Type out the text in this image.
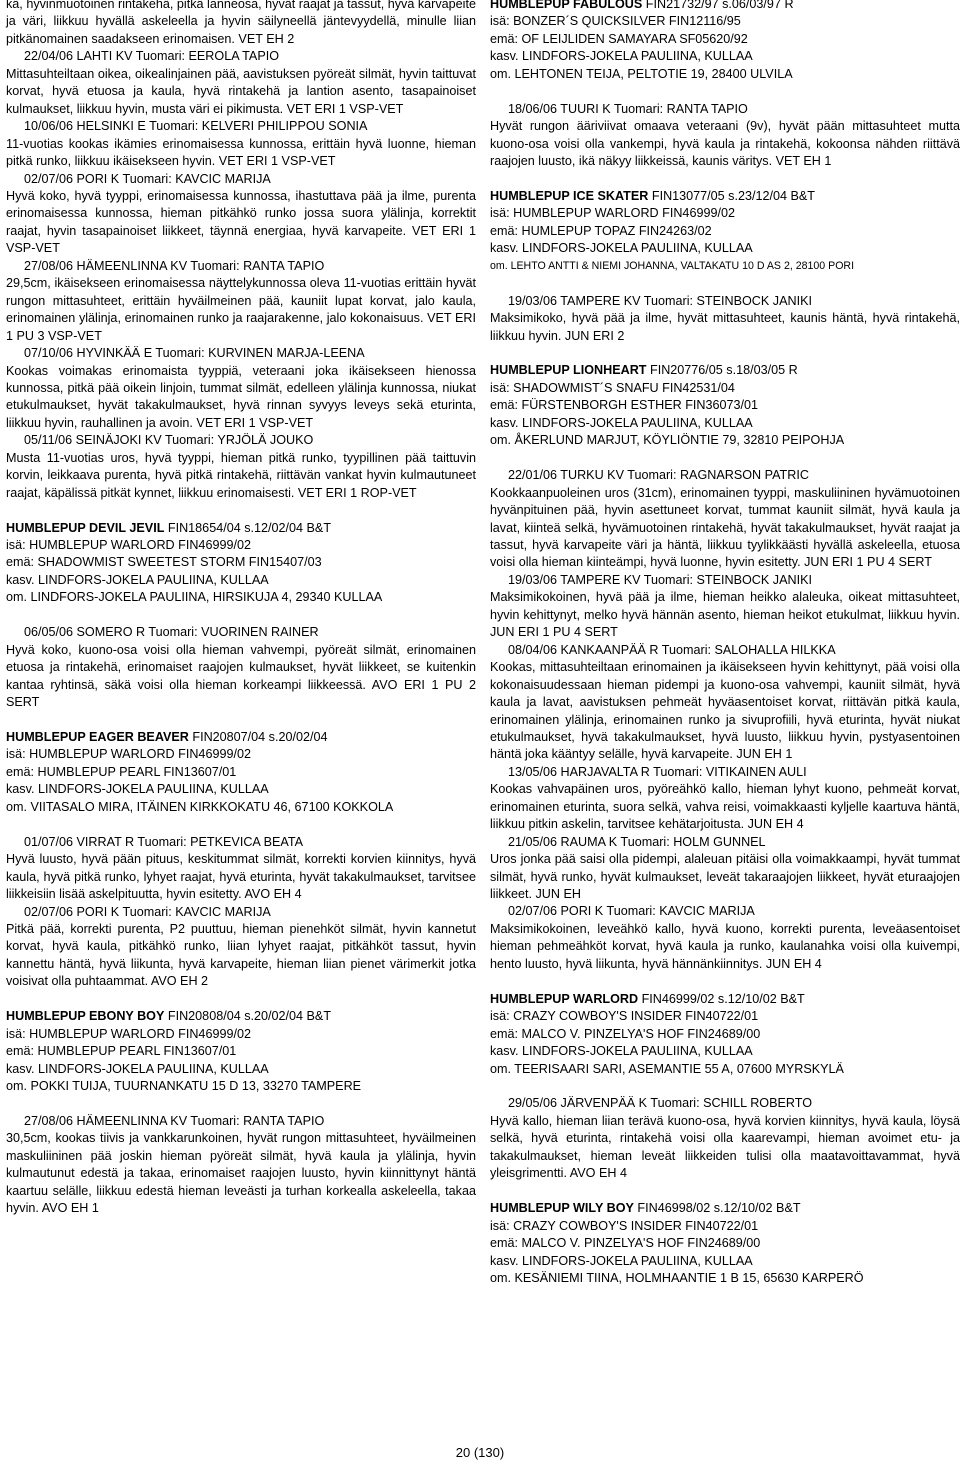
kä, hyvinmuotoinen rintakehä, pitkä lanneosa, hyvät raajat ja tassut, hyvä karvapeite ja väri, liikkuu hyvällä askeleella ja hyvin säilyneellä jäntevyydellä, minulle liian pitkänomainen saadakseen erinomaisen. VET EH 2

22/04/06 LAHTI KV Tuomari: EEROLA TAPIO

Mittasuhteiltaan oikea, oikealinjainen pää, aavistuksen pyöreät silmät, hyvin taittuvat korvat, hyvä etuosa ja kaula, hyvä rintakehä ja lantion asento, tasapainoiset kulmaukset, liikkuu hyvin, musta väri ei pikimusta. VET ERI 1 VSP-VET

10/06/06 HELSINKI E Tuomari: KELVERI PHILIPPOU SONIA

11-vuotias kookas ikämies erinomaisessa kunnossa, erittäin hyvä luonne, hieman pitkä runko, liikkuu ikäisekseen hyvin. VET ERI 1 VSP-VET

02/07/06 PORI K Tuomari: KAVCIC MARIJA

Hyvä koko, hyvä tyyppi, erinomaisessa kunnossa, ihastuttava pää ja ilme, purenta erinomaisessa kunnossa, hieman pitkähkö runko jossa suora ylälinja, korrektit raajat, hyvin tasapainoiset liikkeet, täynnä energiaa, hyvä karvapeite. VET ERI 1 VSP-VET

27/08/06 HÄMEENLINNA KV Tuomari: RANTA TAPIO

29,5cm, ikäisekseen erinomaisessa näyttelykunnossa oleva 11-vuotias erittäin hyvät rungon mittasuhteet, erittäin hyväilmeinen pää, kauniit lupat korvat, jalo kaula, erinomainen ylälinja, erinomainen runko ja raajarakenne, jalo kokonaisuus. VET ERI 1 PU 3 VSP-VET

07/10/06 HYVINKÄÄ E Tuomari: KURVINEN MARJA-LEENA

Kookas voimakas erinomaista tyyppiä, veteraani joka ikäisekseen hienossa kunnossa, pitkä pää oikein linjoin, tummat silmät, edelleen ylälinja kunnossa, niukat etukulmaukset, hyvät takakulmaukset, hyvä rinnan syvyys leveys sekä eturinta, liikkuu hyvin, rauhallinen ja avoin. VET ERI 1 VSP-VET

05/11/06 SEINÄJOKI KV Tuomari: YRJÖLÄ JOUKO

Musta 11-vuotias uros, hyvä tyyppi, hieman pitkä runko, tyypillinen pää taittuvin korvin, leikkaava purenta, hyvä pitkä rintakehä, riittävän vankat hyvin kulmautuneet raajat, käpälissä pitkät kynnet, liikkuu erinomaisesti. VET ERI 1 ROP-VET

HUMBLEPUP DEVIL JEVIL FIN18654/04 s.12/02/04 B&T

isä: HUMBLEPUP WARLORD FIN46999/02

emä: SHADOWMIST SWEETEST STORM FIN15407/03

kasv. LINDFORS-JOKELA PAULIINA, KULLAA

om. LINDFORS-JOKELA PAULIINA, HIRSIKUJA 4, 29340 KULLAA

06/05/06 SOMERO R Tuomari: VUORINEN RAINER

Hyvä koko, kuono-osa voisi olla hieman vahvempi, pyöreät silmät, erinomainen etuosa ja rintakehä, erinomaiset raajojen kulmaukset, hyvät liikkeet, se kuitenkin kantaa ryhtinsä, säkä voisi olla hieman korkeampi liikkeessä. AVO ERI 1 PU 2 SERT

HUMBLEPUP EAGER BEAVER FIN20807/04 s.20/02/04

isä: HUMBLEPUP WARLORD FIN46999/02

emä: HUMBLEPUP PEARL FIN13607/01

kasv. LINDFORS-JOKELA PAULIINA, KULLAA

om. VIITASALO MIRA, ITÄINEN KIRKKOKATU 46, 67100 KOKKOLA

01/07/06 VIRRAT R Tuomari: PETKEVICA BEATA

Hyvä luusto, hyvä pään pituus, keskitummat silmät, korrekti korvien kiinnitys, hyvä kaula, hyvä pitkä runko, lyhyet raajat, hyvä eturinta, hyvät takakulmaukset, tarvitsee liikkeisiin lisää askelpituutta, hyvin esitetty. AVO EH 4

02/07/06 PORI K Tuomari: KAVCIC MARIJA

Pitkä pää, korrekti purenta, P2 puuttuu, hieman pienehköt silmät, hyvin kannetut korvat, hyvä kaula, pitkähkö runko, liian lyhyet raajat, pitkähköt tassut, hyvin kannettu häntä, hyvä liikunta, hyvä karvapeite, hieman liian pienet värimerkit jotka voisivat olla puhtaammat. AVO EH 2

HUMBLEPUP EBONY BOY FIN20808/04 s.20/02/04 B&T

isä: HUMBLEPUP WARLORD FIN46999/02

emä: HUMBLEPUP PEARL FIN13607/01

kasv. LINDFORS-JOKELA PAULIINA, KULLAA

om. POKKI TUIJA, TUURNANKATU 15 D 13, 33270 TAMPERE

27/08/06 HÄMEENLINNA KV Tuomari: RANTA TAPIO

30,5cm, kookas tiivis ja vankkarunkoinen, hyvät rungon mittasuhteet, hyväilmeinen maskuliininen pää joskin hieman pyöreät silmät, hyvä kaula ja ylälinja, hyvin kulmautunut edestä ja takaa, erinomaiset raajojen luusto, hyvin kiinnittynyt häntä kaartuu selälle, liikkuu edestä hieman leveästi ja turhan korkealla askeleella, takaa hyvin. AVO EH 1

HUMBLEPUP FABULOUS FIN21732/97 s.06/03/97 R

isä: BONZER´S QUICKSILVER FIN12116/95

emä: OF LEIJLIDEN SAMAYARA SF05620/92

kasv. LINDFORS-JOKELA PAULIINA, KULLAA

om. LEHTONEN TEIJA, PELTOTIE 19, 28400 ULVILA

18/06/06 TUURI K Tuomari: RANTA TAPIO

Hyvät rungon ääriviivat omaava veteraani (9v), hyvät pään mittasuhteet mutta kuono-osa voisi olla vankempi, hyvä kaula ja rintakehä, kokoonsa nähden riittävä raajojen luusto, ikä näkyy liikkeissä, kaunis väritys. VET EH 1

HUMBLEPUP ICE SKATER FIN13077/05 s.23/12/04 B&T

isä: HUMBLEPUP WARLORD FIN46999/02

emä: HUMLEPUP TOPAZ FIN24263/02

kasv. LINDFORS-JOKELA PAULIINA, KULLAA

om. LEHTO ANTTI & NIEMI JOHANNA, VALTAKATU 10 D AS 2, 28100 PORI

19/03/06 TAMPERE KV Tuomari: STEINBOCK JANIKI

Maksimikoko, hyvä pää ja ilme, hyvät mittasuhteet, kaunis häntä, hyvä rintakehä, liikkuu hyvin. JUN ERI 2

HUMBLEPUP LIONHEART FIN20776/05 s.18/03/05 R

isä: SHADOWMIST´S SNAFU FIN42531/04

emä: FÜRSTENBORGH ESTHER FIN36073/01

kasv. LINDFORS-JOKELA PAULIINA, KULLAA

om. ÅKERLUND MARJUT, KÖYLIÖNTIE 79, 32810 PEIPOHJA

22/01/06 TURKU KV Tuomari: RAGNARSON PATRIC

Kookkaanpuoleinen uros (31cm), erinomainen tyyppi, maskuliininen hyvämuotoinen hyvänpituinen pää, hyvin asettuneet korvat, tummat kauniit silmät, hyvä kaula ja lavat, kiinteä selkä, hyvämuotoinen rintakehä, hyvät takakulmaukset, hyvät raajat ja tassut, hyvä karvapeite väri ja häntä, liikkuu tyylikkäästi hyvällä askeleella, etuosa voisi olla hieman kiinteämpi, hyvä luonne, hyvin esitetty. JUN ERI 1 PU 4 SERT

19/03/06 TAMPERE KV Tuomari: STEINBOCK JANIKI

Maksimikokoinen, hyvä pää ja ilme, hieman heikko alaleuka, oikeat mittasuhteet, hyvin kehittynyt, melko hyvä hännän asento, hieman heikot etukulmat, liikkuu hyvin. JUN ERI 1 PU 4 SERT

08/04/06 KANKAANPÄÄ R Tuomari: SALOHALLA HILKKA

Kookas, mittasuhteiltaan erinomainen ja ikäisekseen hyvin kehittynyt, pää voisi olla kokonaisuudessaan hieman pidempi ja kuono-osa vahvempi, kauniit silmät, hyvä kaula ja lavat, aavistuksen pehmeät hyväasentoiset korvat, riittävän pitkä kaula, erinomainen ylälinja, erinomainen runko ja sivuprofiili, hyvä eturinta, hyvät niukat etukulmaukset, hyvä takakulmaukset, hyvä luusto, liikkuu hyvin, pystyasentoinen häntä joka kääntyy selälle, hyvä karvapeite. JUN EH 1

13/05/06 HARJAVALTA R Tuomari: VITIKAINEN AULI

Kookas vahvapäinen uros, pyöreähkö kallo, hieman lyhyt kuono, pehmeät korvat, erinomainen eturinta, suora selkä, vahva reisi, voimakkaasti kyljelle kaartuva häntä, liikkuu pitkin askelin, tarvitsee kehätarjoitusta. JUN EH 4

21/05/06 RAUMA K Tuomari: HOLM GUNNEL

Uros jonka pää saisi olla pidempi, alaleuan pitäisi olla voimakkaampi, hyvät tummat silmät, hyvä runko, hyvät kulmaukset, leveät takaraajojen liikkeet, hyvät eturaajojen liikkeet. JUN EH

02/07/06 PORI K Tuomari: KAVCIC MARIJA

Maksimikokoinen, leveähkö kallo, hyvä kuono, korrekti purenta, leveäasentoiset hieman pehmeähköt korvat, hyvä kaula ja runko, kaulanahka voisi olla kuivempi, hento luusto, hyvä liikunta, hyvä hännänkiinnitys. JUN EH 4

HUMBLEPUP WARLORD FIN46999/02 s.12/10/02 B&T

isä: CRAZY COWBOY'S INSIDER FIN40722/01

emä: MALCO V. PINZELYA'S HOF FIN24689/00

kasv. LINDFORS-JOKELA PAULIINA, KULLAA

om. TEERISAARI SARI, ASEMANTIE 55 A, 07600 MYRSKYLÄ

29/05/06 JÄRVENPÄÄ K Tuomari: SCHILL ROBERTO

Hyvä kallo, hieman liian terävä kuono-osa, hyvä korvien kiinnitys, hyvä kaula, löysä selkä, hyvä eturinta, rintakehä voisi olla kaarevampi, hieman avoimet etu- ja takakulmaukset, hieman leveät liikkeiden tulisi olla maatavoittavammat, hyvä yleisgrimentti. AVO EH 4

HUMBLEPUP WILY BOY FIN46998/02 s.12/10/02 B&T

isä: CRAZY COWBOY'S INSIDER FIN40722/01

emä: MALCO V. PINZELYA'S HOF FIN24689/00

kasv. LINDFORS-JOKELA PAULIINA, KULLAA

om. KESÄNIEMI TIINA, HOLMHAANTIE 1 B 15, 65630 KARPERÖ

20 (130)
